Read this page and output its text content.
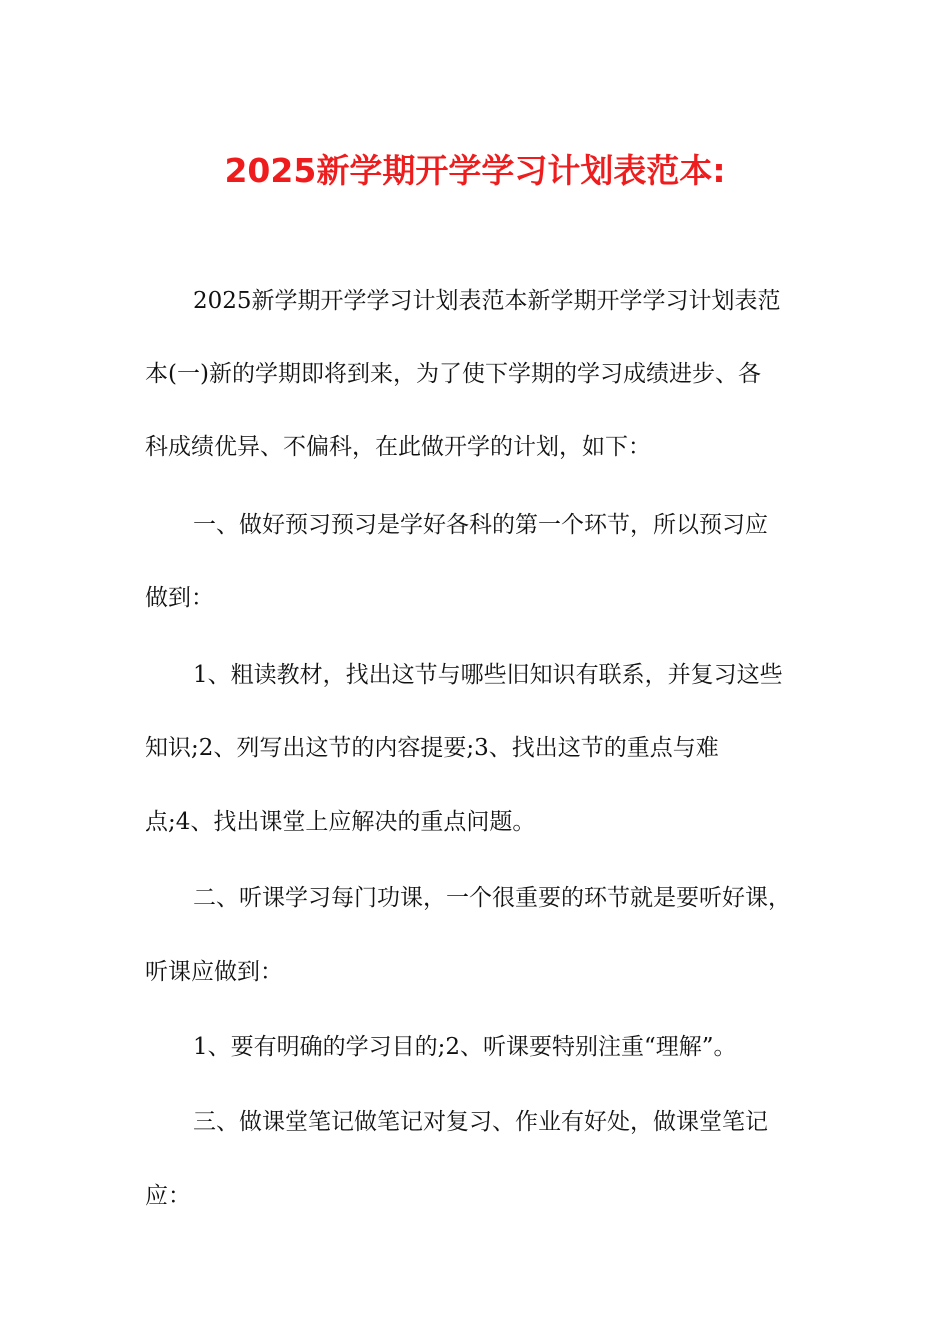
2025新学期开学学习计划表范本:
2025新学期开学学习计划表范本新学期开学学习计划表范
本(一)新的学期即将到来，为了使下学期的学习成绩进步、各
科成绩优异、不偏科，在此做开学的计划，如下：
一、做好预习预习是学好各科的第一个环节，所以预习应
做到：
1、粗读教材，找出这节与哪些旧知识有联系，并复习这些
知识;2、列写出这节的内容提要;3、找出这节的重点与难
点;4、找出课堂上应解决的重点问题。
二、听课学习每门功课，一个很重要的环节就是要听好课，
听课应做到：
1、要有明确的学习目的;2、听课要特别注重“理解”。
三、做课堂笔记做笔记对复习、作业有好处，做课堂笔记
应：
